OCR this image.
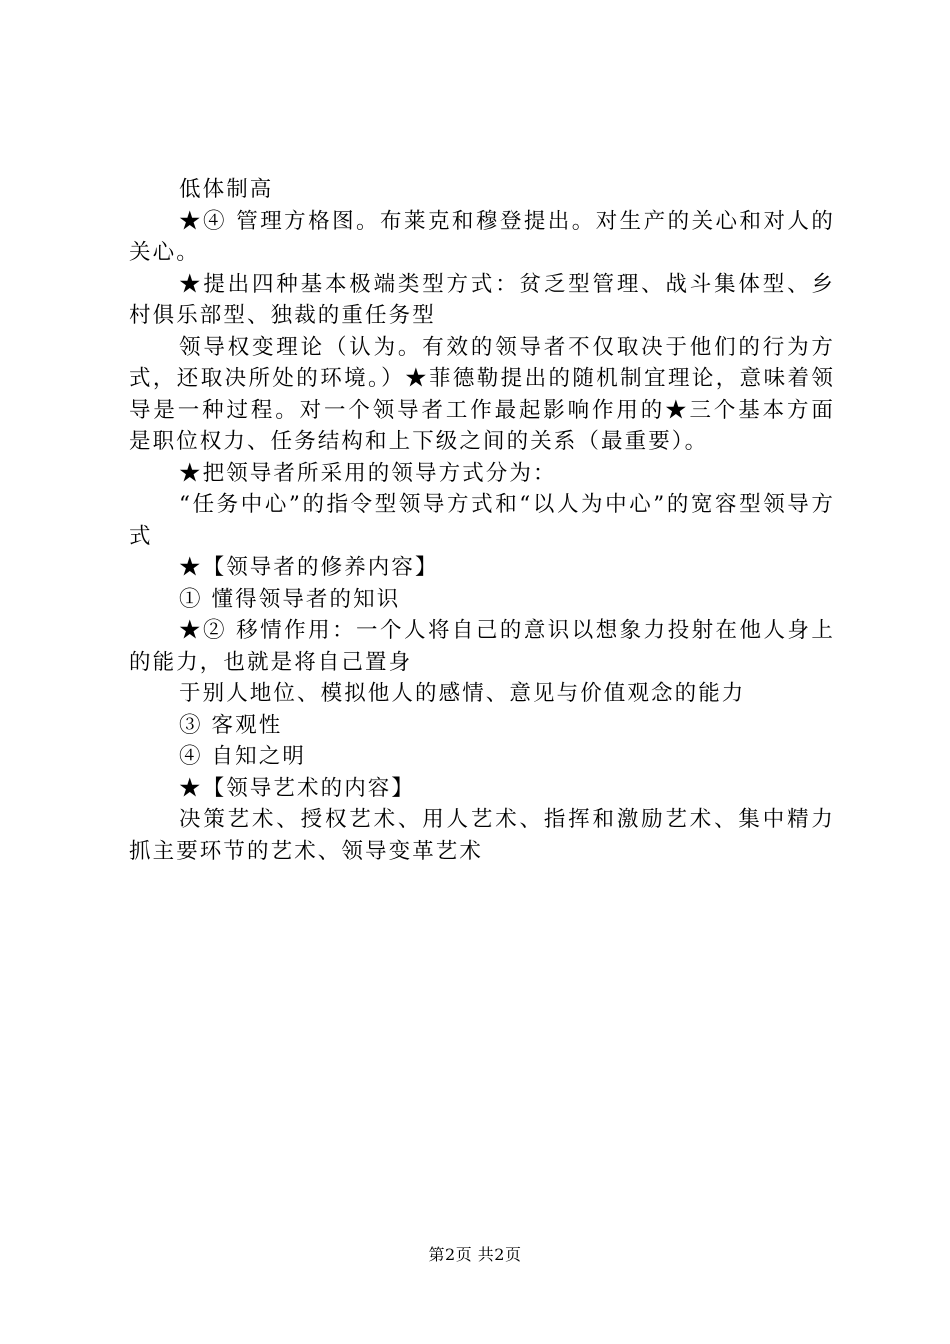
低体制高

★④ 管理方格图。布莱克和穆登提出。对生产的关心和对人的关心。

★提出四种基本极端类型方式：贫乏型管理、战斗集体型、乡村俱乐部型、独裁的重任务型

领导权变理论（认为。有效的领导者不仅取决于他们的行为方式，还取决所处的环境。）★菲德勒提出的随机制宜理论，意味着领导是一种过程。对一个领导者工作最起影响作用的★三个基本方面是职位权力、任务结构和上下级之间的关系（最重要）。

★把领导者所采用的领导方式分为：

“任务中心”的指令型领导方式和“以人为中心”的宽容型领导方式

★【领导者的修养内容】

① 懂得领导者的知识

★② 移情作用：一个人将自己的意识以想象力投射在他人身上的能力，也就是将自己置身

于别人地位、模拟他人的感情、意见与价值观念的能力

③ 客观性

④ 自知之明

★【领导艺术的内容】

决策艺术、授权艺术、用人艺术、指挥和激励艺术、集中精力抓主要环节的艺术、领导变革艺术

第2页 共2页
